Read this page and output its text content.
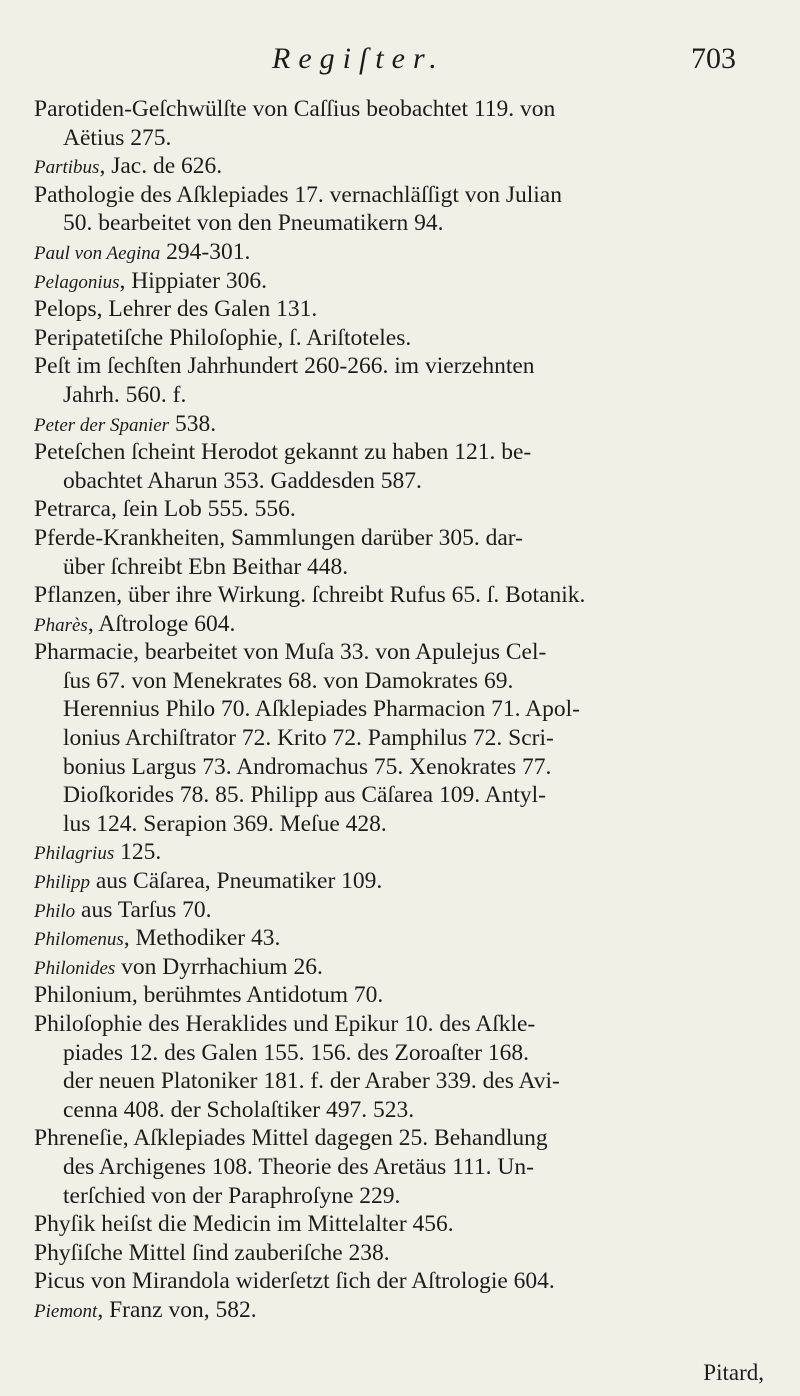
Regiſter.	703
Parotiden-Geſchwülſte von Caſſius beobachtet 119. von
Aëtius 275.
Partibus, Jac. de 626.
Pathologie des Aſklepiades 17. vernachläſſigt von Julian
50. bearbeitet von den Pneumatikern 94.
Paul von Aegina 294-301.
Pelagonius, Hippiater 306.
Pelops, Lehrer des Galen 131.
Peripatetiſche Philoſophie, ſ. Ariſtoteles.
Peſt im ſechſten Jahrhundert 260-266. im vierzehnten
Jahrh. 560. f.
Peter der Spanier 538.
Peteſchen ſcheint Herodot gekannt zu haben 121. be-
obachtet Aharun 353. Gaddesden 587.
Petrarca, ſein Lob 555. 556.
Pferde-Krankheiten, Sammlungen darüber 305. dar-
über ſchreibt Ebn Beithar 448.
Pflanzen, über ihre Wirkung. ſchreibt Rufus 65. ſ. Botanik.
Pharès, Aſtrologe 604.
Pharmacie, bearbeitet von Muſa 33. von Apulejus Cel-
ſus 67. von Menekrates 68. von Damokrates 69.
Herennius Philo 70. Aſklepiades Pharmacion 71. Apol-
lonius Archiſtrator 72. Krito 72. Pamphilus 72. Scri-
bonius Largus 73. Andromachus 75. Xenokrates 77.
Dioſkorides 78. 85. Philipp aus Cäſarea 109. Antyl-
lus 124. Serapion 369. Meſue 428.
Philagrius 125.
Philipp aus Cäſarea, Pneumatiker 109.
Philo aus Tarſus 70.
Philomenus, Methodiker 43.
Philonides von Dyrrhachium 26.
Philonium, berühmtes Antidotum 70.
Philoſophie des Heraklides und Epikur 10. des Aſkle-
piades 12. des Galen 155. 156. des Zoroaſter 168.
der neuen Platoniker 181. f. der Araber 339. des Avi-
cenna 408. der Scholaſtiker 497. 523.
Phreneſie, Aſklepiades Mittel dagegen 25. Behandlung
des Archigenes 108. Theorie des Aretäus 111. Un-
terſchied von der Paraphroſyne 229.
Phyſik heiſst die Medicin im Mittelalter 456.
Phyſiſche Mittel ſind zauberiſche 238.
Picus von Mirandola widerſetzt ſich der Aſtrologie 604.
Piemont, Franz von, 582.
Pitard,
